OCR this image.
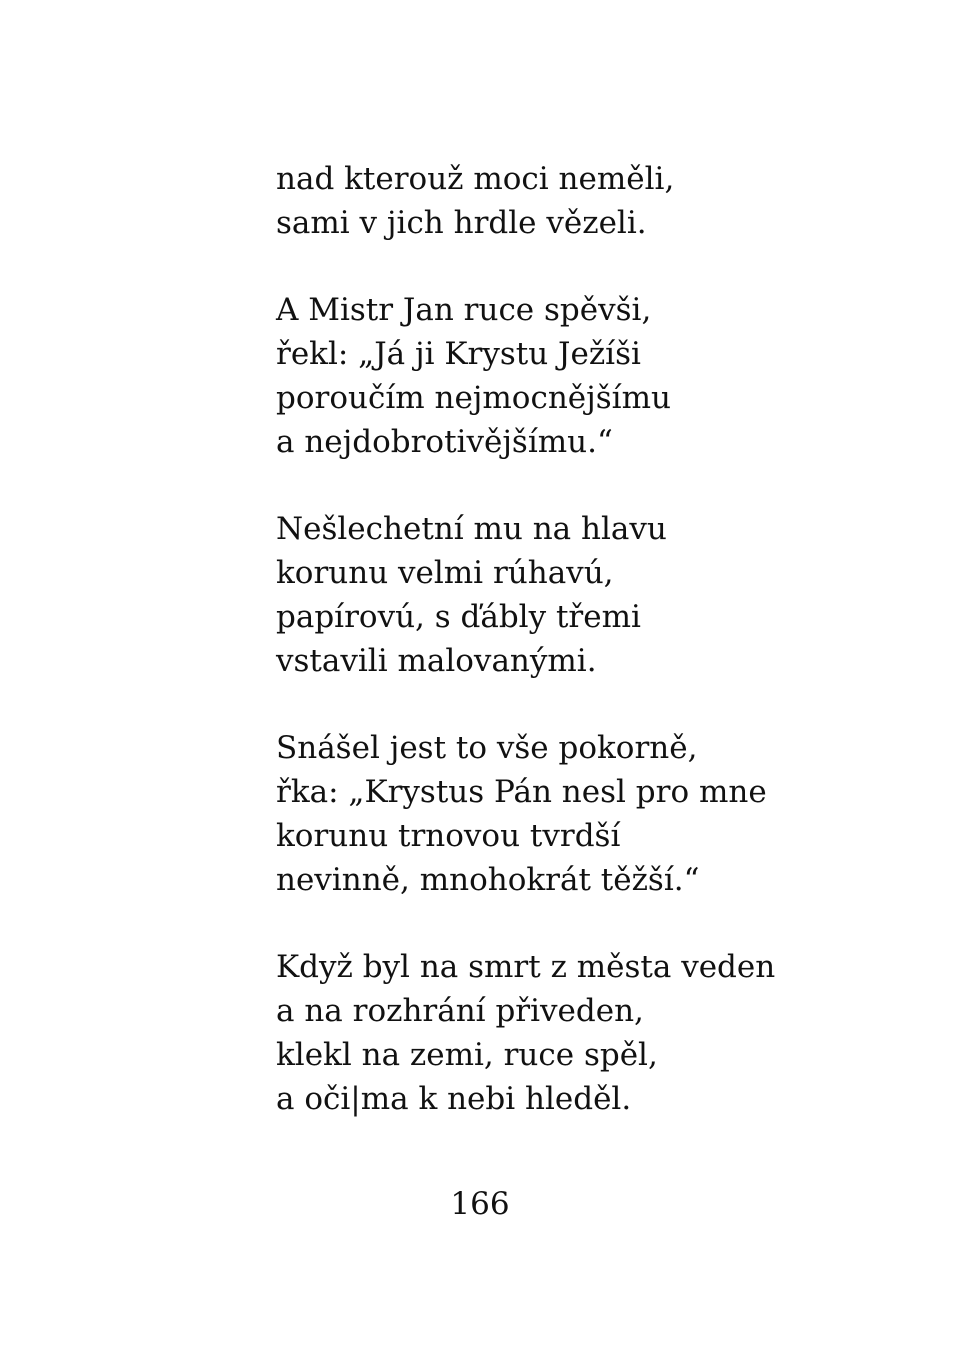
nad kterouž moci neměli,
sami v jich hrdle vězeli.
A Mistr Jan ruce spěvši,
řekl: „Já ji Krystu Ježíši
poroučím nejmocnějšímu
a nejdobrotivějšímu.“
Nešlechetní mu na hlavu
korunu velmi rúhavú,
papírovú, s ďábly třemi
vstavili malovanými.
Snášel jest to vše pokorně,
řka: „Krystus Pán nesl pro mne
korunu trnovou tvrdší
nevinně, mnohokrát těžší.“
Když byl na smrt z města veden
a na rozhrání přiveden,
klekl na zemi, ruce spěl,
a oči|ma k nebi hleděl.
166
